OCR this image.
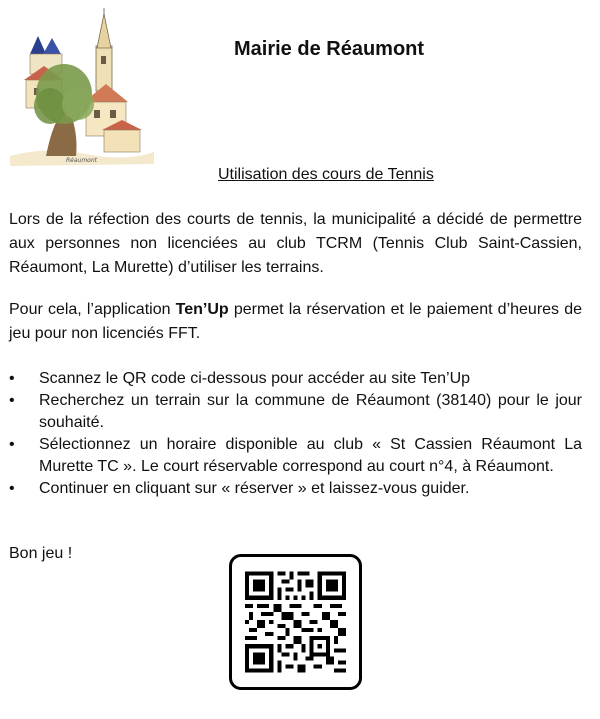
Réaumont
Mairie de Réaumont

Utilisation des cours de Tennis

Lors de la réfection des courts de tennis, la municipalité a décidé de permettre aux personnes non licenciées au club TCRM (Tennis Club Saint-Cassien, Réaumont, La Murette) d’utiliser les terrains.

Pour cela, l’application Ten’Up permet la réservation et le paiement d’heures de jeu pour non licenciés FFT.

• Scannez le QR code ci-dessous pour accéder au site Ten’Up
• Recherchez un terrain sur la commune de Réaumont (38140) pour le jour souhaité.
• Sélectionnez un horaire disponible au club « St Cassien Réaumont La Murette TC ». Le court réservable correspond au court n°4, à Réaumont.
• Continuer en cliquant sur « réserver » et laissez-vous guider.

Bon jeu !
